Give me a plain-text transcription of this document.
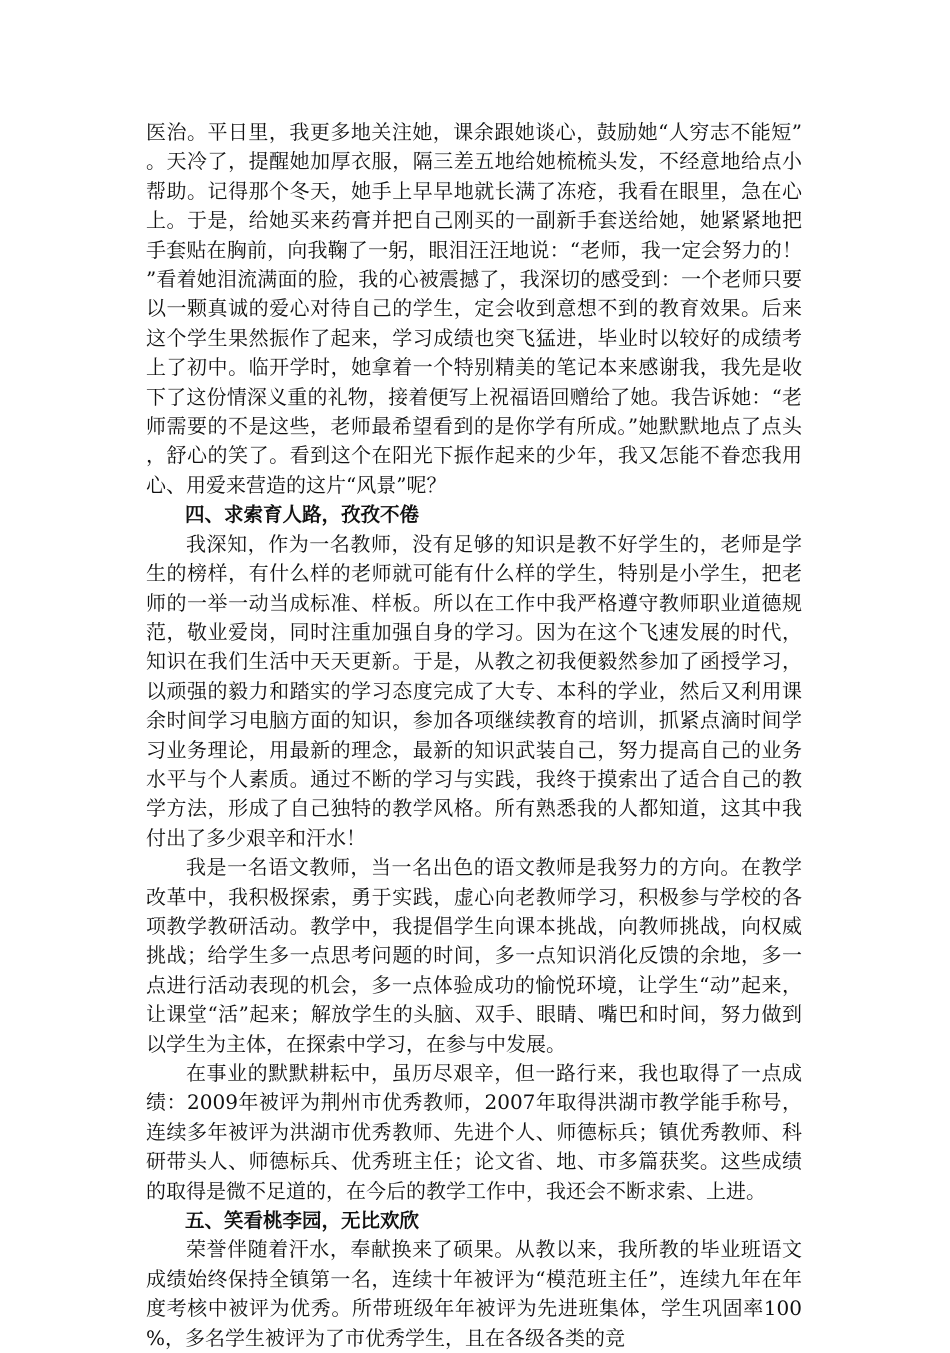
医治。平日里，我更多地关注她，课余跟她谈心，鼓励她“人穷志不能短”。天冷了，提醒她加厚衣服，隔三差五地给她梳梳头发，不经意地给点小帮助。记得那个冬天，她手上早早地就长满了冻疮，我看在眼里，急在心上。于是，给她买来药膏并把自己刚买的一副新手套送给她，她紧紧地把手套贴在胸前，向我鞠了一躬，眼泪汪汪地说：“老师，我一定会努力的！”看着她泪流满面的脸，我的心被震撼了，我深切的感受到：一个老师只要以一颗真诚的爱心对待自己的学生，定会收到意想不到的教育效果。后来这个学生果然振作了起来，学习成绩也突飞猛进，毕业时以较好的成绩考上了初中。临开学时，她拿着一个特别精美的笔记本来感谢我，我先是收下了这份情深义重的礼物，接着便写上祝福语回赠给了她。我告诉她：“老师需要的不是这些，老师最希望看到的是你学有所成。”她默默地点了点头，舒心的笑了。看到这个在阳光下振作起来的少年，我又怎能不眷恋我用心、用爱来营造的这片“风景”呢？

四、求索育人路，孜孜不倦

我深知，作为一名教师，没有足够的知识是教不好学生的，老师是学生的榜样，有什么样的老师就可能有什么样的学生，特别是小学生，把老师的一举一动当成标准、样板。所以在工作中我严格遵守教师职业道德规范，敬业爱岗，同时注重加强自身的学习。因为在这个飞速发展的时代，知识在我们生活中天天更新。于是，从教之初我便毅然参加了函授学习，以顽强的毅力和踏实的学习态度完成了大专、本科的学业，然后又利用课余时间学习电脑方面的知识，参加各项继续教育的培训，抓紧点滴时间学习业务理论，用最新的理念，最新的知识武装自己，努力提高自己的业务水平与个人素质。通过不断的学习与实践，我终于摸索出了适合自己的教学方法，形成了自己独特的教学风格。所有熟悉我的人都知道，这其中我付出了多少艰辛和汗水！

我是一名语文教师，当一名出色的语文教师是我努力的方向。在教学改革中，我积极探索，勇于实践，虚心向老教师学习，积极参与学校的各项教学教研活动。教学中，我提倡学生向课本挑战，向教师挑战，向权威挑战；给学生多一点思考问题的时间，多一点知识消化反馈的余地，多一点进行活动表现的机会，多一点体验成功的愉悦环境，让学生“动”起来，让课堂“活”起来；解放学生的头脑、双手、眼睛、嘴巴和时间，努力做到以学生为主体，在探索中学习，在参与中发展。

在事业的默默耕耘中，虽历尽艰辛，但一路行来，我也取得了一点成绩：2009年被评为荆州市优秀教师，2007年取得洪湖市教学能手称号，连续多年被评为洪湖市优秀教师、先进个人、师德标兵；镇优秀教师、科研带头人、师德标兵、优秀班主任；论文省、地、市多篇获奖。这些成绩的取得是微不足道的，在今后的教学工作中，我还会不断求索、上进。

五、笑看桃李园，无比欢欣

荣誉伴随着汗水，奉献换来了硕果。从教以来，我所教的毕业班语文成绩始终保持全镇第一名，连续十年被评为“模范班主任”，连续九年在年度考核中被评为优秀。所带班级年年被评为先进班集体，学生巩固率100%，多名学生被评为了市优秀学生，且在各级各类的竞
